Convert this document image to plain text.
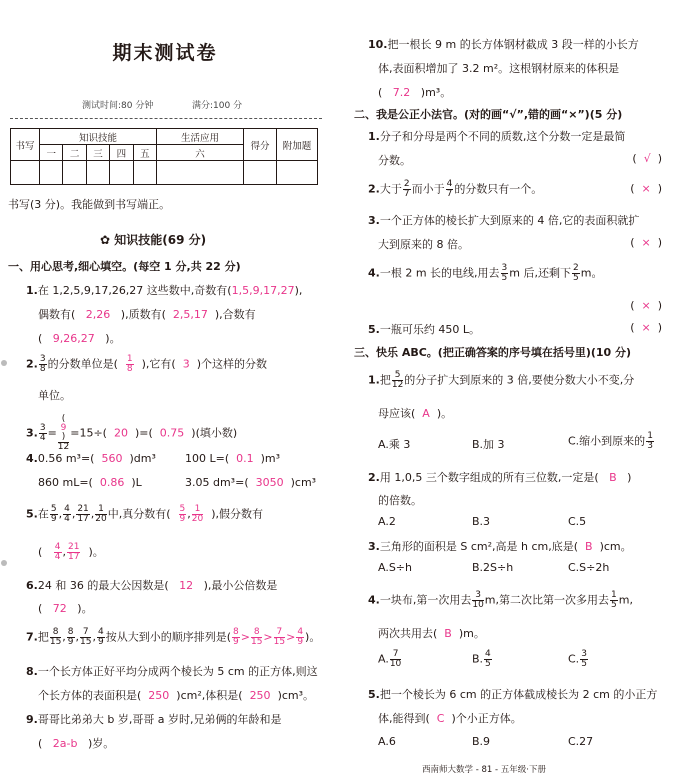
期末测试卷
测试时间:80 分钟	满分:100 分
书写	知识技能					生活应用	得分	附加题
	一	二	三	四	五	六		

书写(3 分)。我能做到书写端正。
✿ 知识技能(69 分)
一、用心思考,细心填空。(每空 1 分,共 22 分)
1.在 1,2,5,9,17,26,27 这些数中,奇数有(1,5,9,17,27),
偶数有( 2,26 ),质数有( 2,5,17 ),合数有
( 9,26,27 )。
2. $\frac{3}{8}$ 的分数单位是( $\frac{1}{8}$ ),它有( 3 )个这样的分数
单位。
3. $\frac{3}{4}$ = (
9
)
12 =15÷( 20 )=( 0.75 )(填小数)
4.0.56 m³=( 560 )dm³	100 L=( 0.1 )m³
860 mL=( 0.86 )L	3.05 dm³=( 3050 )cm³
5.在 $\frac{5}{9}$ , $\frac{4}{4}$ , $\frac{21}{17}$ , $\frac{1}{20}$ 中,真分数有( $\frac{5}{9}$ , $\frac{1}{20}$ ),假分数有
( $\frac{4}{4}$ , $\frac{21}{17}$ )。
6.24 和 36 的最大公因数是( 12 ),最小公倍数是
( 72 )。
7.把 $\frac{8}{15}$ , $\frac{8}{9}$ , $\frac{7}{15}$ , $\frac{4}{9}$ 按从大到小的顺序排列是( $\frac{8}{9} > \frac{8}{15} > \frac{7}{15} > \frac{4}{9}$ )。
8.一个长方体正好平均分成两个棱长为 5 cm 的正方体,则这
个长方体的表面积是( 250 )cm²,体积是( 250 )cm³。
9.哥哥比弟弟大 b 岁,哥哥 a 岁时,兄弟俩的年龄和是
( 2a-b )岁。
10.把一根长 9 m 的长方体钢材截成 3 段一样的小长方
体,表面积增加了 3.2 m²。这根钢材原来的体积是
( 7.2 )m³。
二、我是公正小法官。(对的画“√”,错的画“×”)(5 分)
1.分子和分母是两个不同的质数,这个分数一定是最简
分数。	(  √  )
2.大于 $\frac{2}{7}$ 而小于 $\frac{4}{7}$ 的分数只有一个。	(  ×  )
3.一个正方体的棱长扩大到原来的 4 倍,它的表面积就扩
大到原来的 8 倍。	(  ×  )
4.一根 2 m 长的电线,用去 $\frac{3}{5}$ m 后,还剩下 $\frac{2}{5}$ m。
(  ×  )
5.一瓶可乐约 450 L。	(  ×  )
三、快乐 ABC。(把正确答案的序号填在括号里)(10 分)
1.把 $\frac{5}{12}$ 的分子扩大到原来的 3 倍,要使分数大小不变,分
母应该( A )。
A.乘 3	B.加 3	C.缩小到原来的 $\frac{1}{3}$
2.用 1,0,5 三个数字组成的所有三位数,一定是( B )
的倍数。
A.2	B.3	C.5
3.三角形的面积是 S cm²,高是 h cm,底是( B )cm。
A.S÷h	B.2S÷h	C.S÷2h
4.一块布,第一次用去 $\frac{3}{10} m$,第二次比第一次多用去 $\frac{1}{5} m$,
两次共用去( B )m。
A. $\frac{7}{10}$	B. $\frac{4}{5}$	C. $\frac{3}{5}$
5.把一个棱长为 6 cm 的正方体截成棱长为 2 cm 的小正方
体,能得到( C )个小正方体。
A.6	B.9	C.27
西南师大数学 - 81 - 五年级·下册
